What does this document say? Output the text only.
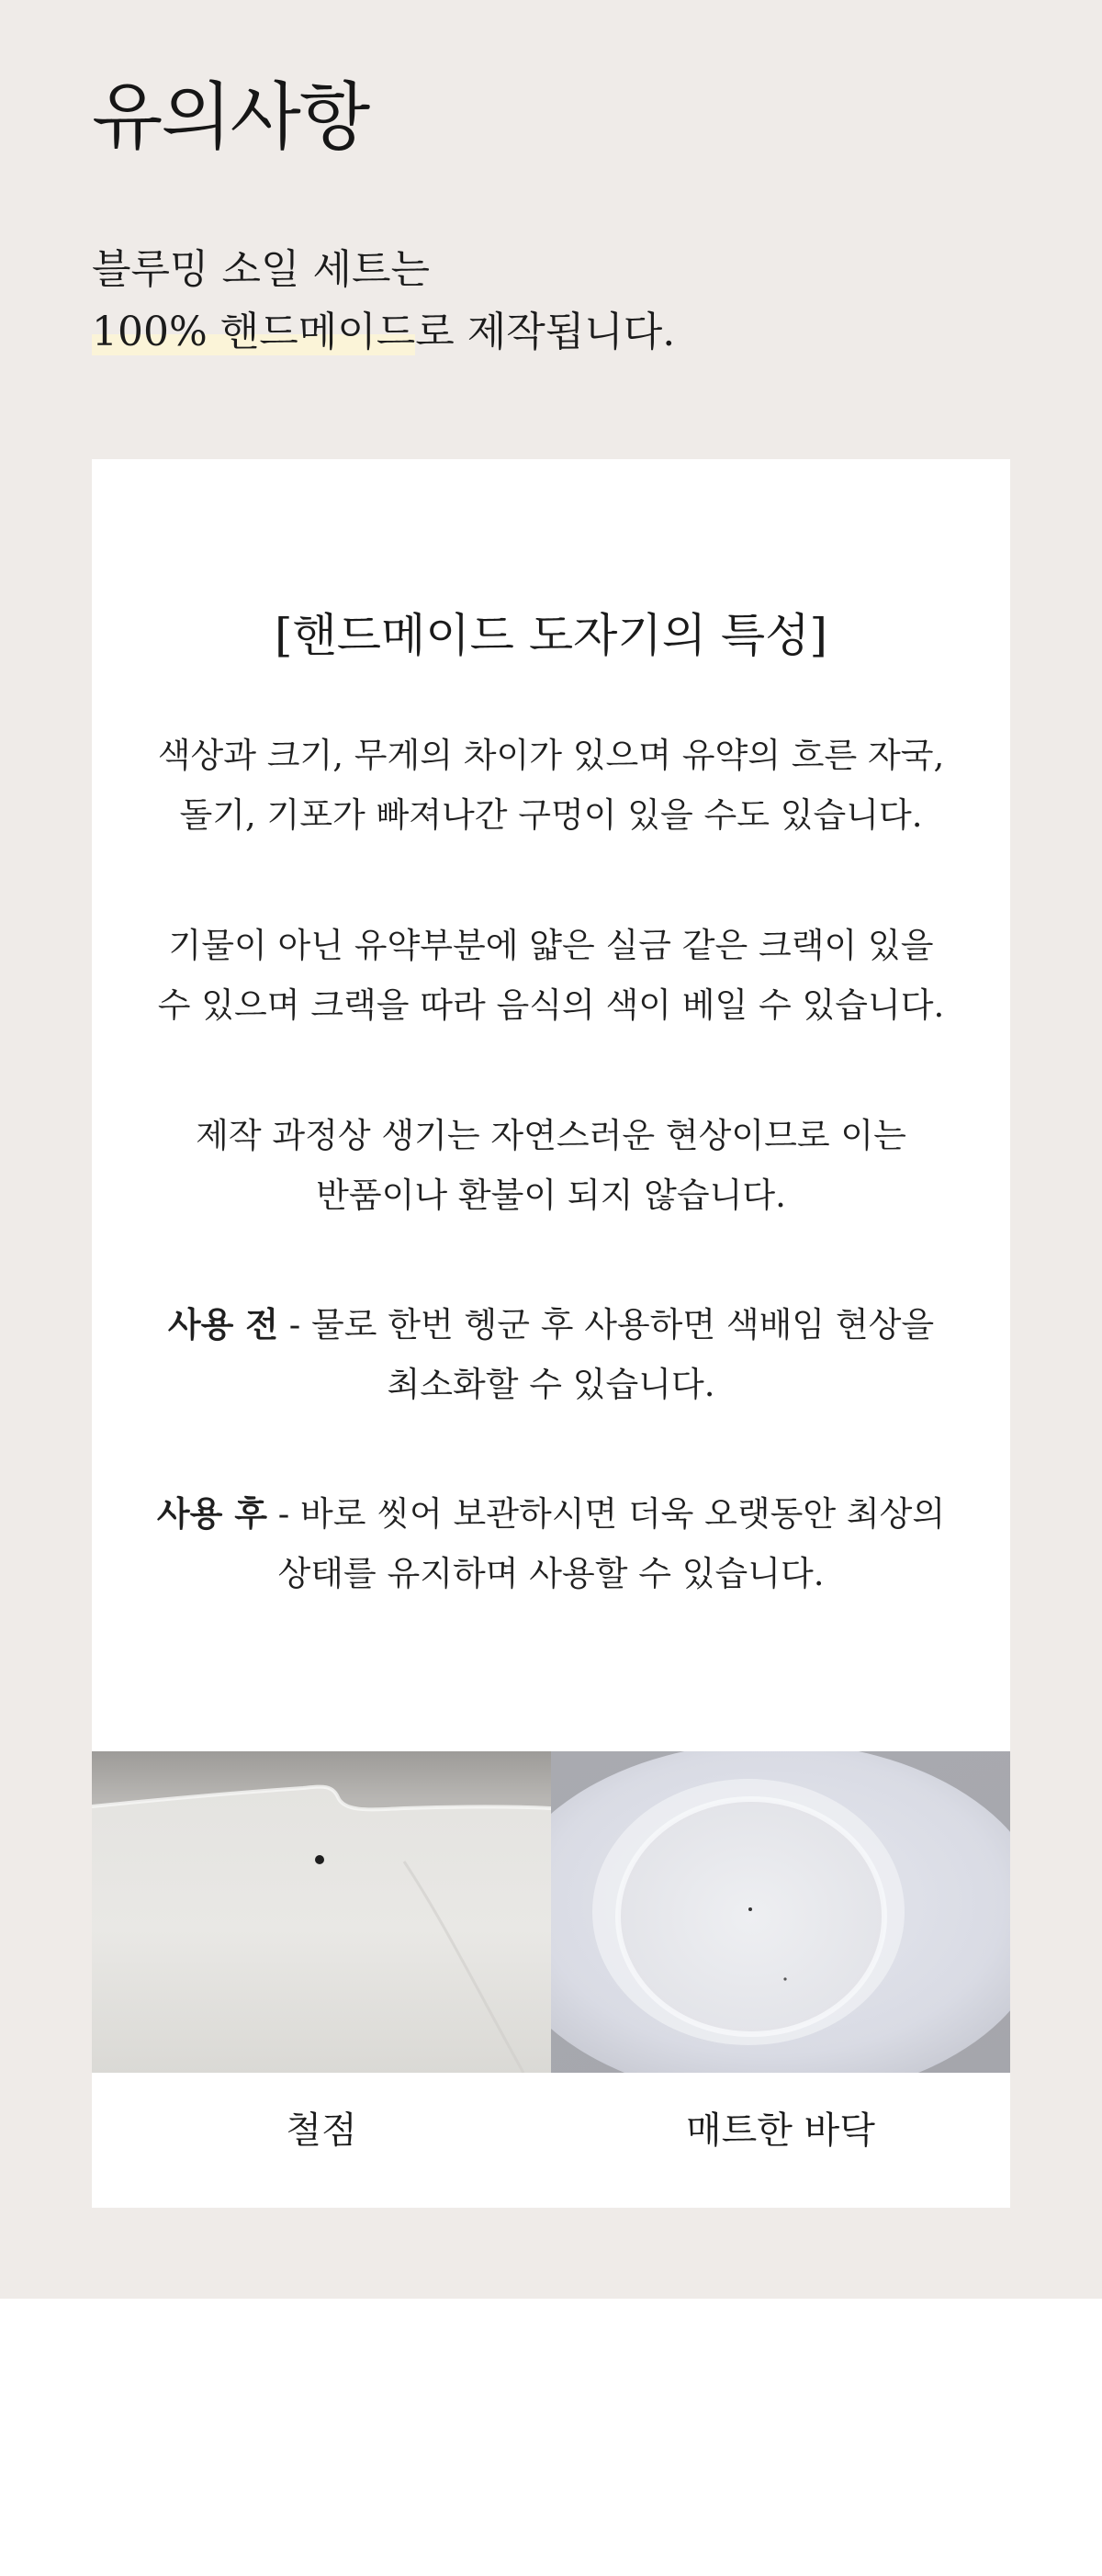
유의사항
블루밍 소일 세트는
100% 핸드메이드로 제작됩니다.
[핸드메이드 도자기의 특성]
색상과 크기, 무게의 차이가 있으며 유약의 흐른 자국,
돌기, 기포가 빠져나간 구멍이 있을 수도 있습니다.
기물이 아닌 유약부분에 얇은 실금 같은 크랙이 있을
수 있으며 크랙을 따라 음식의 색이 베일 수 있습니다.
제작 과정상 생기는 자연스러운 현상이므로 이는
반품이나 환불이 되지 않습니다.
사용 전 - 물로 한번 헹군 후 사용하면 색배임 현상을
최소화할 수 있습니다.
사용 후 - 바로 씻어 보관하시면 더욱 오랫동안 최상의
상태를 유지하며 사용할 수 있습니다.
철점	매트한 바닥
